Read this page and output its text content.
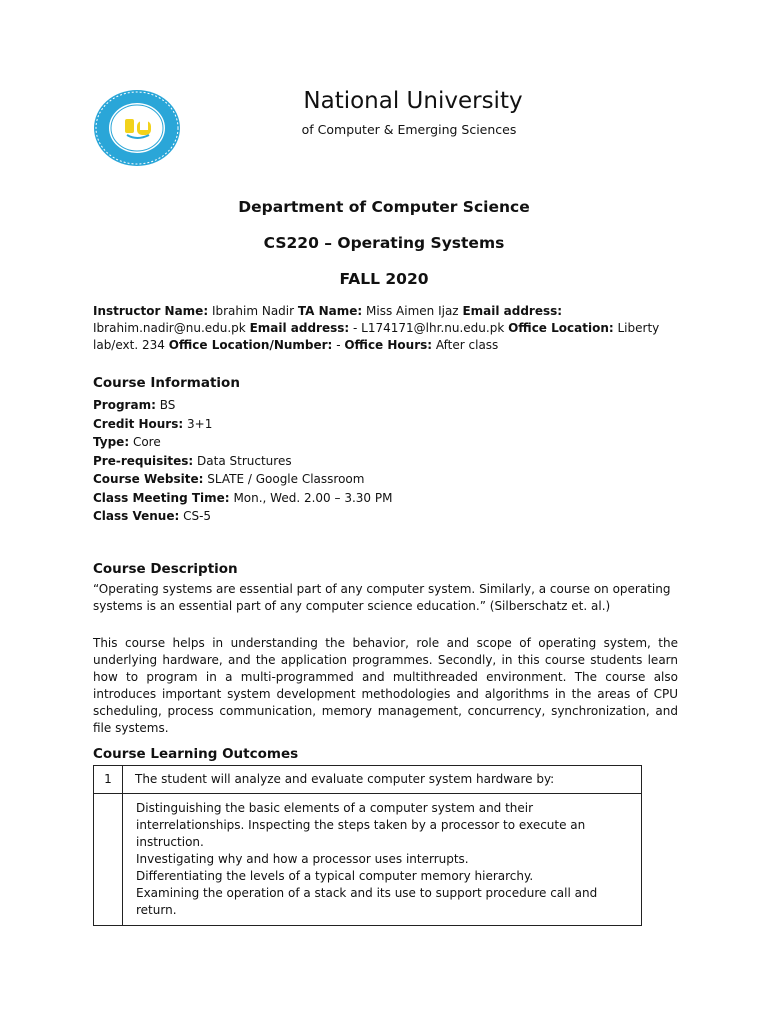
National University
of Computer & Emerging Sciences
Department of Computer Science
CS220 – Operating Systems
FALL 2020
Instructor Name: Ibrahim Nadir TA Name: Miss Aimen Ijaz Email address:
Ibrahim.nadir@nu.edu.pk Email address: - L174171@lhr.nu.edu.pk Office Location: Liberty lab/ext. 234 Office Location/Number: - Office Hours: After class
Course Information
Program: BS
Credit Hours: 3+1
Type: Core
Pre-requisites: Data Structures
Course Website: SLATE / Google Classroom
Class Meeting Time: Mon., Wed. 2.00 – 3.30 PM
Class Venue: CS-5
Course Description
“Operating systems are essential part of any computer system. Similarly, a course on operating systems is an essential part of any computer science education.” (Silberschatz et. al.)
This course helps in understanding the behavior, role and scope of operating system, the underlying hardware, and the application programmes. Secondly, in this course students learn how to program in a multi-programmed and multithreaded environment. The course also introduces important system development methodologies and algorithms in the areas of CPU scheduling, process communication, memory management, concurrency, synchronization, and file systems.
Course Learning Outcomes
1	The student will analyze and evaluate computer system hardware by:

	Distinguishing the basic elements of a computer system and their interrelationships. Inspecting the steps taken by a processor to execute an instruction.
Investigating why and how a processor uses interrupts.
Differentiating the levels of a typical computer memory hierarchy.
Examining the operation of a stack and its use to support procedure call and return.
